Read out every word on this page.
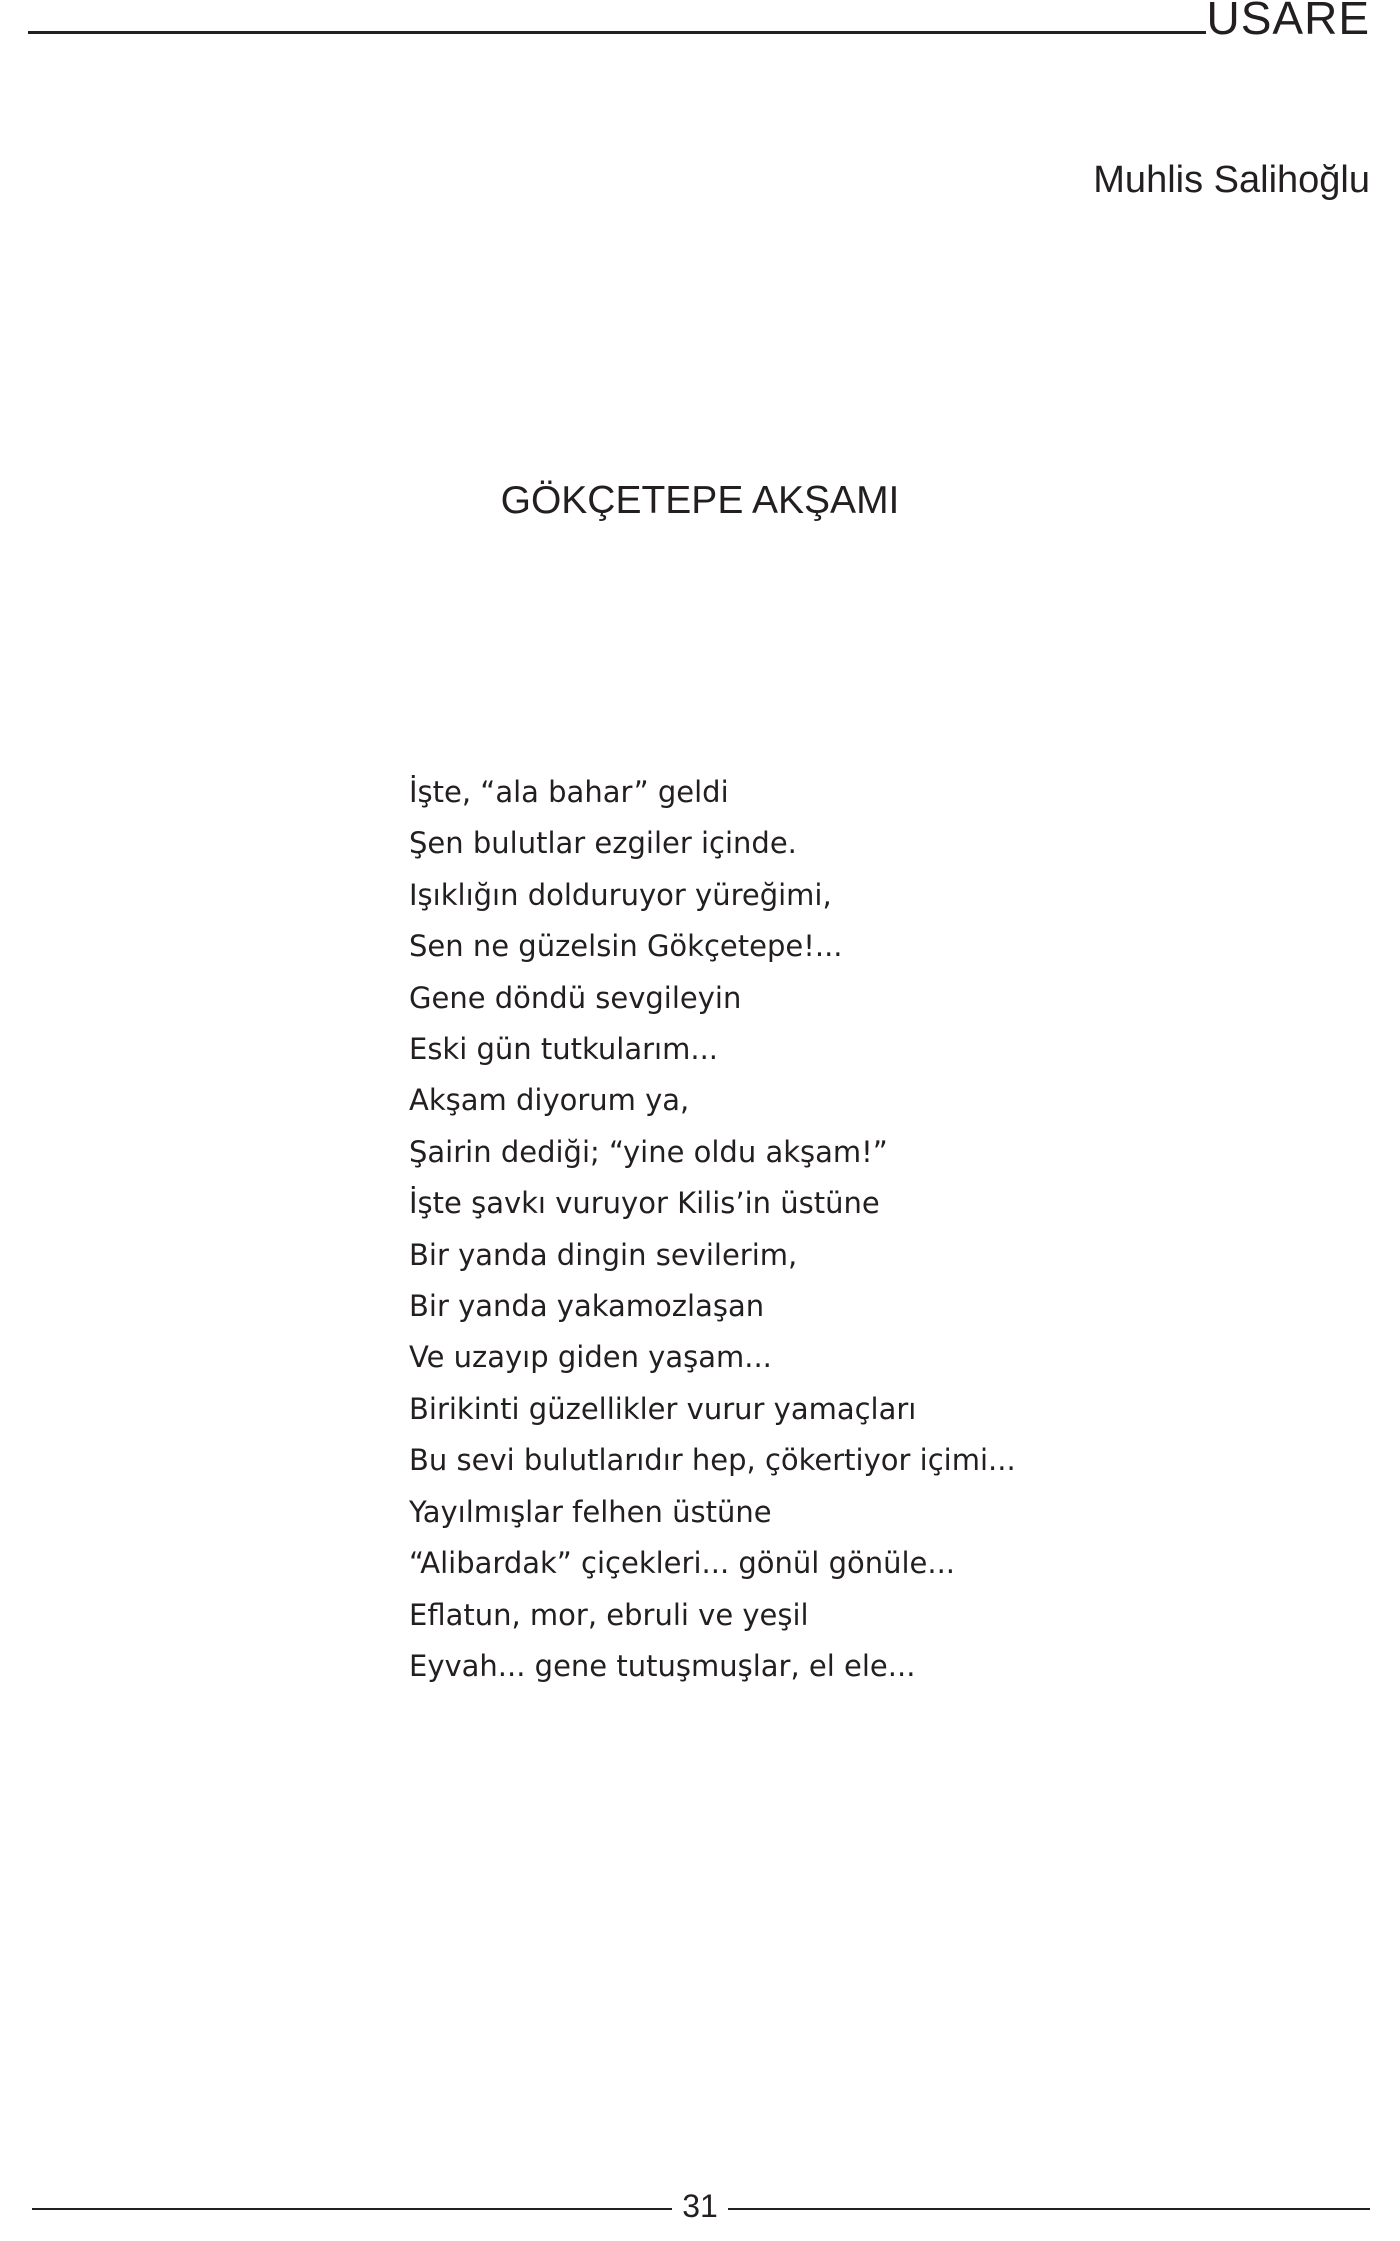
USARE
Muhlis Salihoğlu
GÖKÇETEPE AKŞAMI
İşte, “ala bahar” geldi
Şen bulutlar ezgiler içinde.
Işıklığın dolduruyor yüreğimi,
Sen ne güzelsin Gökçetepe!...
Gene döndü sevgileyin
Eski gün tutkularım...
Akşam diyorum ya,
Şairin dediği; “yine oldu akşam!”
İşte şavkı vuruyor Kilis’in üstüne
Bir yanda dingin sevilerim,
Bir yanda yakamozlaşan
Ve uzayıp giden yaşam...
Birikinti güzellikler vurur yamaçları
Bu sevi bulutlarıdır hep, çökertiyor içimi...
Yayılmışlar felhen üstüne
“Alibardak” çiçekleri... gönül gönüle...
Eflatun, mor, ebruli ve yeşil
Eyvah... gene tutuşmuşlar, el ele...
31
